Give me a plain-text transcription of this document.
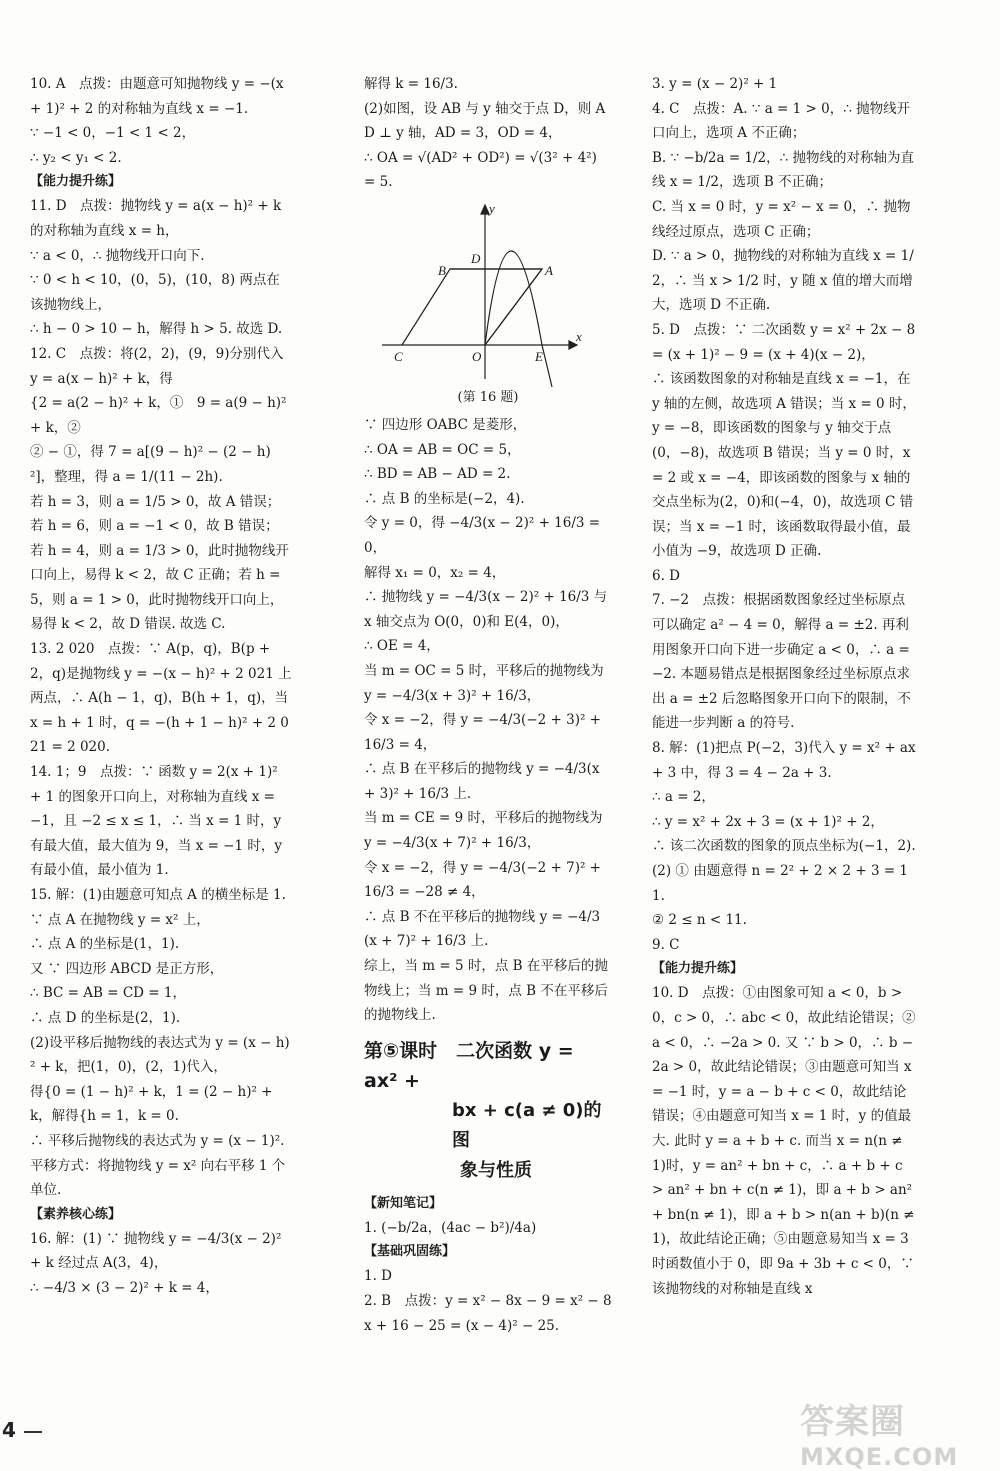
10. A　点拨：由题意可知抛物线 y = −(x + 1)² + 2 的对称轴为直线 x = −1.

∵ −1 < 0，−1 < 1 < 2，

∴ y₂ < y₁ < 2.

【能力提升练】

11. D　点拨：抛物线 y = a(x − h)² + k 的对称轴为直线 x = h，

∵ a < 0，∴ 抛物线开口向下.

∵ 0 < h < 10，(0，5)，(10，8) 两点在该抛物线上，

∴ h − 0 > 10 − h，解得 h > 5. 故选 D.

12. C　点拨：将(2，2)，(9，9)分别代入 y = a(x − h)² + k，得

{2 = a(2 − h)² + k，①　9 = a(9 − h)² + k，②

② − ①，得 7 = a[(9 − h)² − (2 − h)²]，整理，得 a = 1/(11 − 2h).

若 h = 3，则 a = 1/5 > 0，故 A 错误；若 h = 6，则 a = −1 < 0，故 B 错误；若 h = 4，则 a = 1/3 > 0，此时抛物线开口向上，易得 k < 2，故 C 正确；若 h = 5，则 a = 1 > 0，此时抛物线开口向上，易得 k < 2，故 D 错误. 故选 C.

13. 2 020　点拨：∵ A(p，q)，B(p + 2，q)是抛物线 y = −(x − h)² + 2 021 上两点，∴ A(h − 1，q)，B(h + 1，q)，当 x = h + 1 时，q = −(h + 1 − h)² + 2 021 = 2 020.

14. 1；9　点拨：∵ 函数 y = 2(x + 1)² + 1 的图象开口向上，对称轴为直线 x = −1，且 −2 ≤ x ≤ 1，∴ 当 x = 1 时，y 有最大值，最大值为 9，当 x = −1 时，y 有最小值，最小值为 1.

15. 解：(1)由题意可知点 A 的横坐标是 1. ∵ 点 A 在抛物线 y = x² 上，

∴ 点 A 的坐标是(1，1).

又 ∵ 四边形 ABCD 是正方形，

∴ BC = AB = CD = 1，

∴ 点 D 的坐标是(2，1).

(2)设平移后抛物线的表达式为 y = (x − h)² + k，把(1，0)，(2，1)代入，

得{0 = (1 − h)² + k，1 = (2 − h)² + k，解得{h = 1，k = 0.

∴ 平移后抛物线的表达式为 y = (x − 1)².

平移方式：将抛物线 y = x² 向右平移 1 个单位.

【素养核心练】

16. 解：(1) ∵ 抛物线 y = −4/3(x − 2)² + k 经过点 A(3，4)，

∴ −4/3 × (3 − 2)² + k = 4，

解得 k = 16/3.

(2)如图，设 AB 与 y 轴交于点 D，则 AD ⊥ y 轴，AD = 3，OD = 4，

∴ OA = √(AD² + OD²) = √(3² + 4²) = 5.

y
D
B	A
C	O	E
x

(第 16 题)

∵ 四边形 OABC 是菱形，

∴ OA = AB = OC = 5，

∴ BD = AB − AD = 2.

∴ 点 B 的坐标是(−2，4).

令 y = 0，得 −4/3(x − 2)² + 16/3 = 0，

解得 x₁ = 0，x₂ = 4，

∴ 抛物线 y = −4/3(x − 2)² + 16/3 与 x 轴交点为 O(0，0)和 E(4，0)，

∴ OE = 4，

当 m = OC = 5 时，平移后的抛物线为 y = −4/3(x + 3)² + 16/3，

令 x = −2，得 y = −4/3(−2 + 3)² + 16/3 = 4，

∴ 点 B 在平移后的抛物线 y = −4/3(x + 3)² + 16/3 上.

当 m = CE = 9 时，平移后的抛物线为 y = −4/3(x + 7)² + 16/3，

令 x = −2，得 y = −4/3(−2 + 7)² + 16/3 = −28 ≠ 4，

∴ 点 B 不在平移后的抛物线 y = −4/3(x + 7)² + 16/3 上.

综上，当 m = 5 时，点 B 在平移后的抛物线上；当 m = 9 时，点 B 不在平移后的抛物线上.

第⑤课时　二次函数 y = ax² +
bx + c(a ≠ 0)的图
象与性质

【新知笔记】

1. (−b/2a，(4ac − b²)/4a)

【基础巩固练】

1. D

2. B　点拨：y = x² − 8x − 9 = x² − 8x + 16 − 25 = (x − 4)² − 25.

3. y = (x − 2)² + 1

4. C　点拨：A. ∵ a = 1 > 0，∴ 抛物线开口向上，选项 A 不正确；

B. ∵ −b/2a = 1/2，∴ 抛物线的对称轴为直线 x = 1/2，选项 B 不正确；

C. 当 x = 0 时，y = x² − x = 0，∴ 抛物线经过原点，选项 C 正确；

D. ∵ a > 0，抛物线的对称轴为直线 x = 1/2，∴ 当 x > 1/2 时，y 随 x 值的增大而增大，选项 D 不正确.

5. D　点拨：∵ 二次函数 y = x² + 2x − 8 = (x + 1)² − 9 = (x + 4)(x − 2)，

∴ 该函数图象的对称轴是直线 x = −1，在 y 轴的左侧，故选项 A 错误；当 x = 0 时，y = −8，即该函数的图象与 y 轴交于点(0，−8)，故选项 B 错误；当 y = 0 时，x = 2 或 x = −4，即该函数的图象与 x 轴的交点坐标为(2，0)和(−4，0)，故选项 C 错误；当 x = −1 时，该函数取得最小值，最小值为 −9，故选项 D 正确.

6. D

7. −2　点拨：根据函数图象经过坐标原点可以确定 a² − 4 = 0，解得 a = ±2. 再利用图象开口向下进一步确定 a < 0，∴ a = −2. 本题易错点是根据图象经过坐标原点求出 a = ±2 后忽略图象开口向下的限制，不能进一步判断 a 的符号.

8. 解：(1)把点 P(−2，3)代入 y = x² + ax + 3 中，得 3 = 4 − 2a + 3.

∴ a = 2，

∴ y = x² + 2x + 3 = (x + 1)² + 2，

∴ 该二次函数的图象的顶点坐标为(−1，2).

(2) ① 由题意得 n = 2² + 2 × 2 + 3 = 11.

② 2 ≤ n < 11.

9. C

【能力提升练】

10. D　点拨：①由图象可知 a < 0，b > 0，c > 0，∴ abc < 0，故此结论错误；② a < 0，∴ −2a > 0. 又 ∵ b > 0，∴ b − 2a > 0，故此结论错误；③由题意可知当 x = −1 时，y = a − b + c < 0，故此结论错误；④由题意可知当 x = 1 时，y 的值最大. 此时 y = a + b + c. 而当 x = n(n ≠ 1)时，y = an² + bn + c，∴ a + b + c > an² + bn + c(n ≠ 1)，即 a + b > an² + bn(n ≠ 1)，即 a + b > n(an + b)(n ≠ 1)，故此结论正确；⑤由题意易知当 x = 3 时函数值小于 0，即 9a + 3b + c < 0，∵ 该抛物线的对称轴是直线 x

4	答案圈
MXQE.COM
